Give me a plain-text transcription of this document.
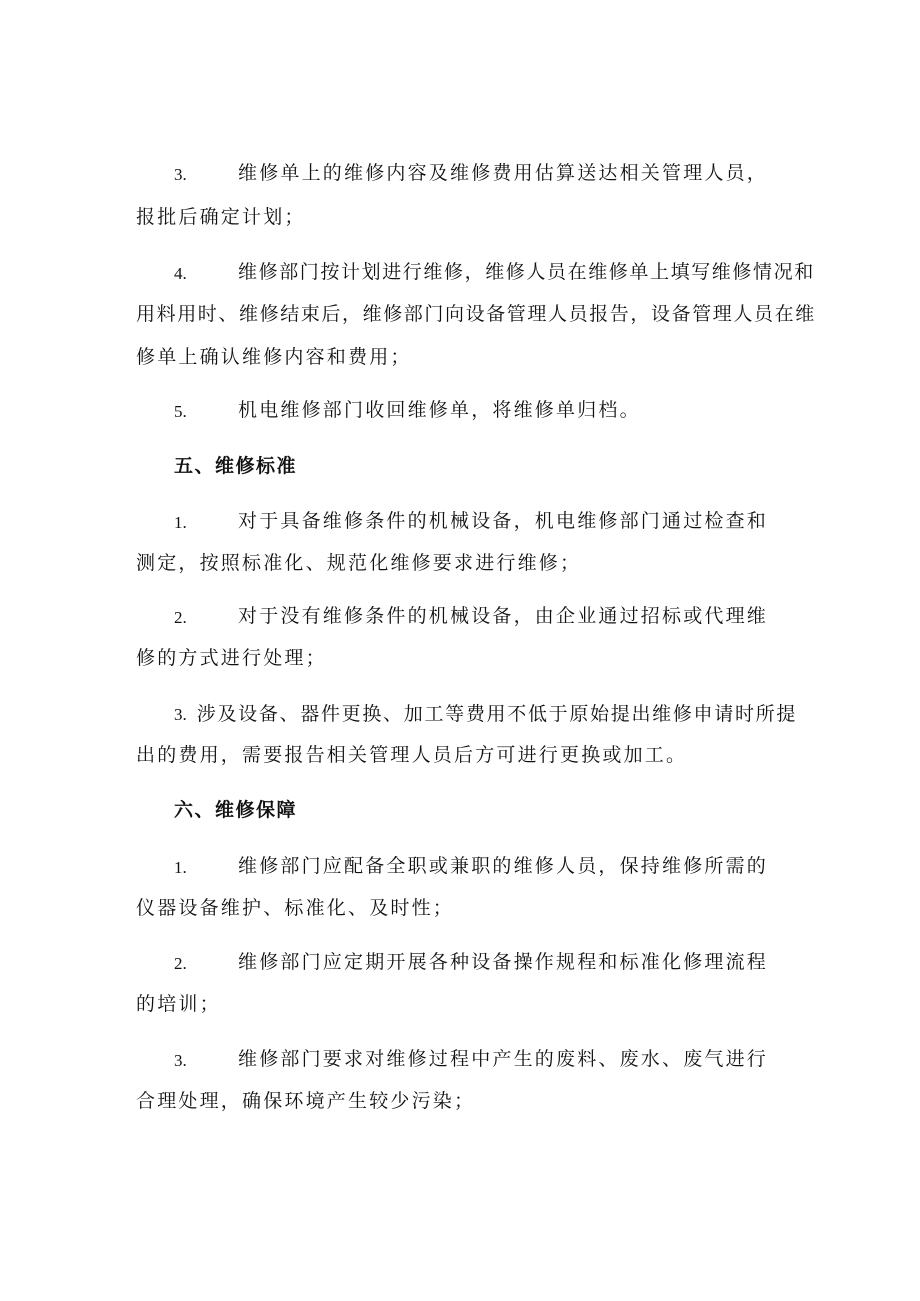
3.	维修单上的维修内容及维修费用估算送达相关管理人员，
报批后确定计划；
4.	维修部门按计划进行维修，维修人员在维修单上填写维修情况和
用料用时、维修结束后，维修部门向设备管理人员报告，设备管理人员在维
修单上确认维修内容和费用；
5.	机电维修部门收回维修单，将维修单归档。
五、维修标准
1.	对于具备维修条件的机械设备，机电维修部门通过检查和
测定，按照标准化、规范化维修要求进行维修；
2.	对于没有维修条件的机械设备，由企业通过招标或代理维
修的方式进行处理；
3. 涉及设备、器件更换、加工等费用不低于原始提出维修申请时所提
出的费用，需要报告相关管理人员后方可进行更换或加工。
六、维修保障
1.	维修部门应配备全职或兼职的维修人员，保持维修所需的
仪器设备维护、标准化、及时性；
2.	维修部门应定期开展各种设备操作规程和标准化修理流程
的培训；
3.	维修部门要求对维修过程中产生的废料、废水、废气进行
合理处理，确保环境产生较少污染；
